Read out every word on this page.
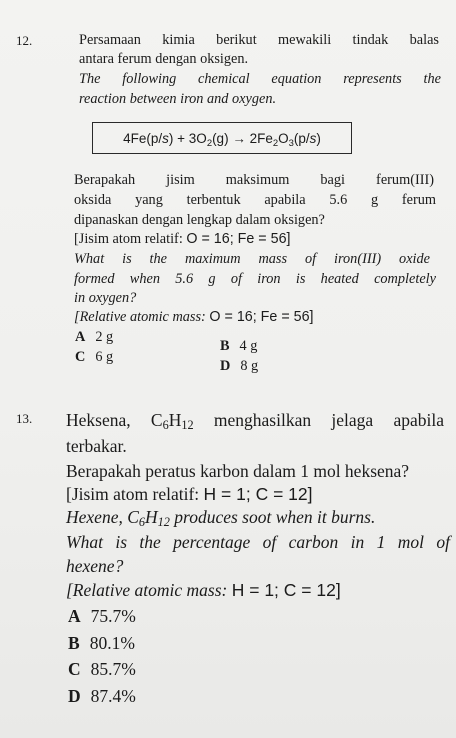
12.	Persamaan kimia berikut mewakili tindak balas
antara ferum dengan oksigen.
The following chemical equation represents the
reaction between iron and oxygen.
$4Fe(p/s) + 3O_2(g) \to 2Fe_2O_3(p/s)$
Berapakah jisim maksimum bagi ferum(III)
oksida yang terbentuk apabila 5.6 g ferum
dipanaskan dengan lengkap dalam oksigen?
[Jisim atom relatif: O = 16; Fe = 56]
What is the maximum mass of iron(III) oxide
formed when 5.6 g of iron is heated completely
in oxygen?
[Relative atomic mass: O = 16; Fe = 56]
A 2 g
B 4 g
C 6 g
D 8 g
13. Heksena, $C_6H_{12}$ menghasilkan jelaga apabila
terbakar.
Berapakah peratus karbon dalam 1 mol heksena?
[Jisim atom relatif: H = 1; C = 12]
Hexene, $C_6H_{12}$ produces soot when it burns.
What is the percentage of carbon in 1 mol of
hexene?
[Relative atomic mass: H = 1; C = 12]
A 75.7%
B 80.1%
C 85.7%
D 87.4%
